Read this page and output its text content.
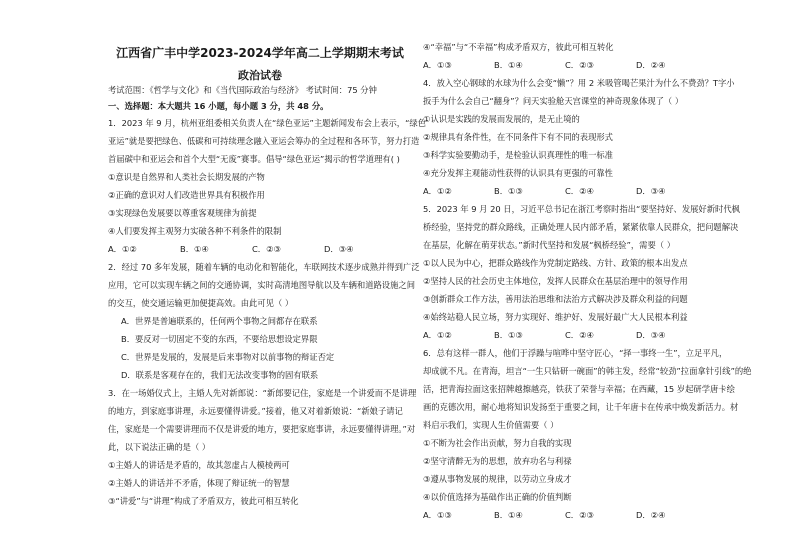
江西省广丰中学2023-2024学年高二上学期期末考试
政治试卷
考试范围：《哲学与文化》和《当代国际政治与经济》 考试时间：75 分钟
一、选择题：本大题共 16 小题，每小题 3 分，共 48 分。
1．2023 年 9 月，杭州亚组委相关负责人在“绿色亚运”主题新闻发布会上表示，“绿色
亚运”就是要把绿色、低碳和可持续理念融入亚运会筹办的全过程和各环节，努力打造
首届碳中和亚运会和首个大型“无废”赛事。倡导“绿色亚运”揭示的哲学道理有( )
①意识是自然界和人类社会长期发展的产物
②正确的意识对人们改造世界具有积极作用
③实现绿色发展要以尊重客观规律为前提
④人们要发挥主观努力实破各种不利条件的限制
A．①②	B．①④	C．②③	D．③④
2．经过 70 多年发展，随着车辆的电动化和智能化，车联网技术逐步成熟并得到广泛
应用，它可以实现车辆之间的交通协调，实时高清地图导航以及车辆和道路设施之间
的交互，使交通运输更加便捷高效。由此可见（ ）
A．世界是普遍联系的，任何两个事物之间都存在联系
B．要反对一切固定不变的东西，不要给思想设定界限
C．世界是发展的，发展是后来事物对以前事物的辩证否定
D．联系是客观存在的，我们无法改变事物的固有联系
3．在一场婚仪式上，主婚人先对新郎说：“新郎要记住，家庭是一个讲爱而不是讲理
的地方，到家庭事讲理，永远要懂得讲爱。”接着，他又对着新娘说：“新娘子请记
住，家庭是一个需要讲理而不仅是讲爱的地方，要把家庭事讲，永远要懂得讲理。”对
此，以下说法正确的是（ ）
①主婚人的讲话是矛盾的，故其忽虚占人模棱两可
②主婚人的讲话并不矛盾，体现了辩证统一的智慧
③“讲爱”与“讲理”构成了矛盾双方，彼此可相互转化
④“幸福”与“不幸福”构成矛盾双方，彼此可相互转化
A．①③	B．①④	C．②③	D．②④
4．放入空心钢球的水球为什么会变“懒”？用 2 米吸管喝芒果汁为什么不费劲？T字小
扳手为什么会自己“翻身”？问天实验舱天宫课堂的神奇现象体现了（ ）
①认识是实践的发展而发展的，是无止境的
②规律具有条件性，在不同条件下有不同的表现形式
③科学实验要勤动手，是检验认识真理性的唯一标准
④充分发挥主观能动性获得的认识具有更强的可靠性
A．①②	B．①③	C．②④	D．③④
5．2023 年 9 月 20 日，习近平总书记在浙江考察时指出“要坚持好、发展好新时代枫
桥经验，坚持党的群众路线，正确处理人民内部矛盾，紧紧依靠人民群众，把问题解决
在基层，化解在萌芽状态。”新时代坚持和发展“枫桥经验”，需要（ ）
①以人民为中心，把群众路线作为党制定路线、方针、政策的根本出发点
②坚持人民的社会历史主体地位，发挥人民群众在基层治理中的领导作用
③创新群众工作方法，善用法治思维和法治方式解决涉及群众利益的问题
④始终站稳人民立场，努力实现好、维护好、发展好最广大人民根本利益
A．①②	B．①③	C．②④	D．③④
6．总有这样一群人，他们于浮躁与喧哗中坚守匠心，“择一事终一生”，立足平凡，
却成就不凡。在青海，坦言“一生只钻研一碗面”的韩主发，经常“较劲”拉面拿针引线”的绝
活，把青海拉面这张招牌越擦越亮，铁获了荣誉与幸福；在西藏，15 岁起研学唐卡绘
画的克德次用，耐心地将知识发扬至于重要之间，让千年唐卡在传承中焕发新活力。材
料启示我们，实现人生价值需要（ ）
①不断为社会作出贡献，努力自我的实现
②坚守清醉无为的思想，放弃功名与利禄
③遵从事物发展的规律，以劳动立身成才
④以价值选择为基础作出正确的价值判断
A．①③	B．①④	C．②③	D．②④
